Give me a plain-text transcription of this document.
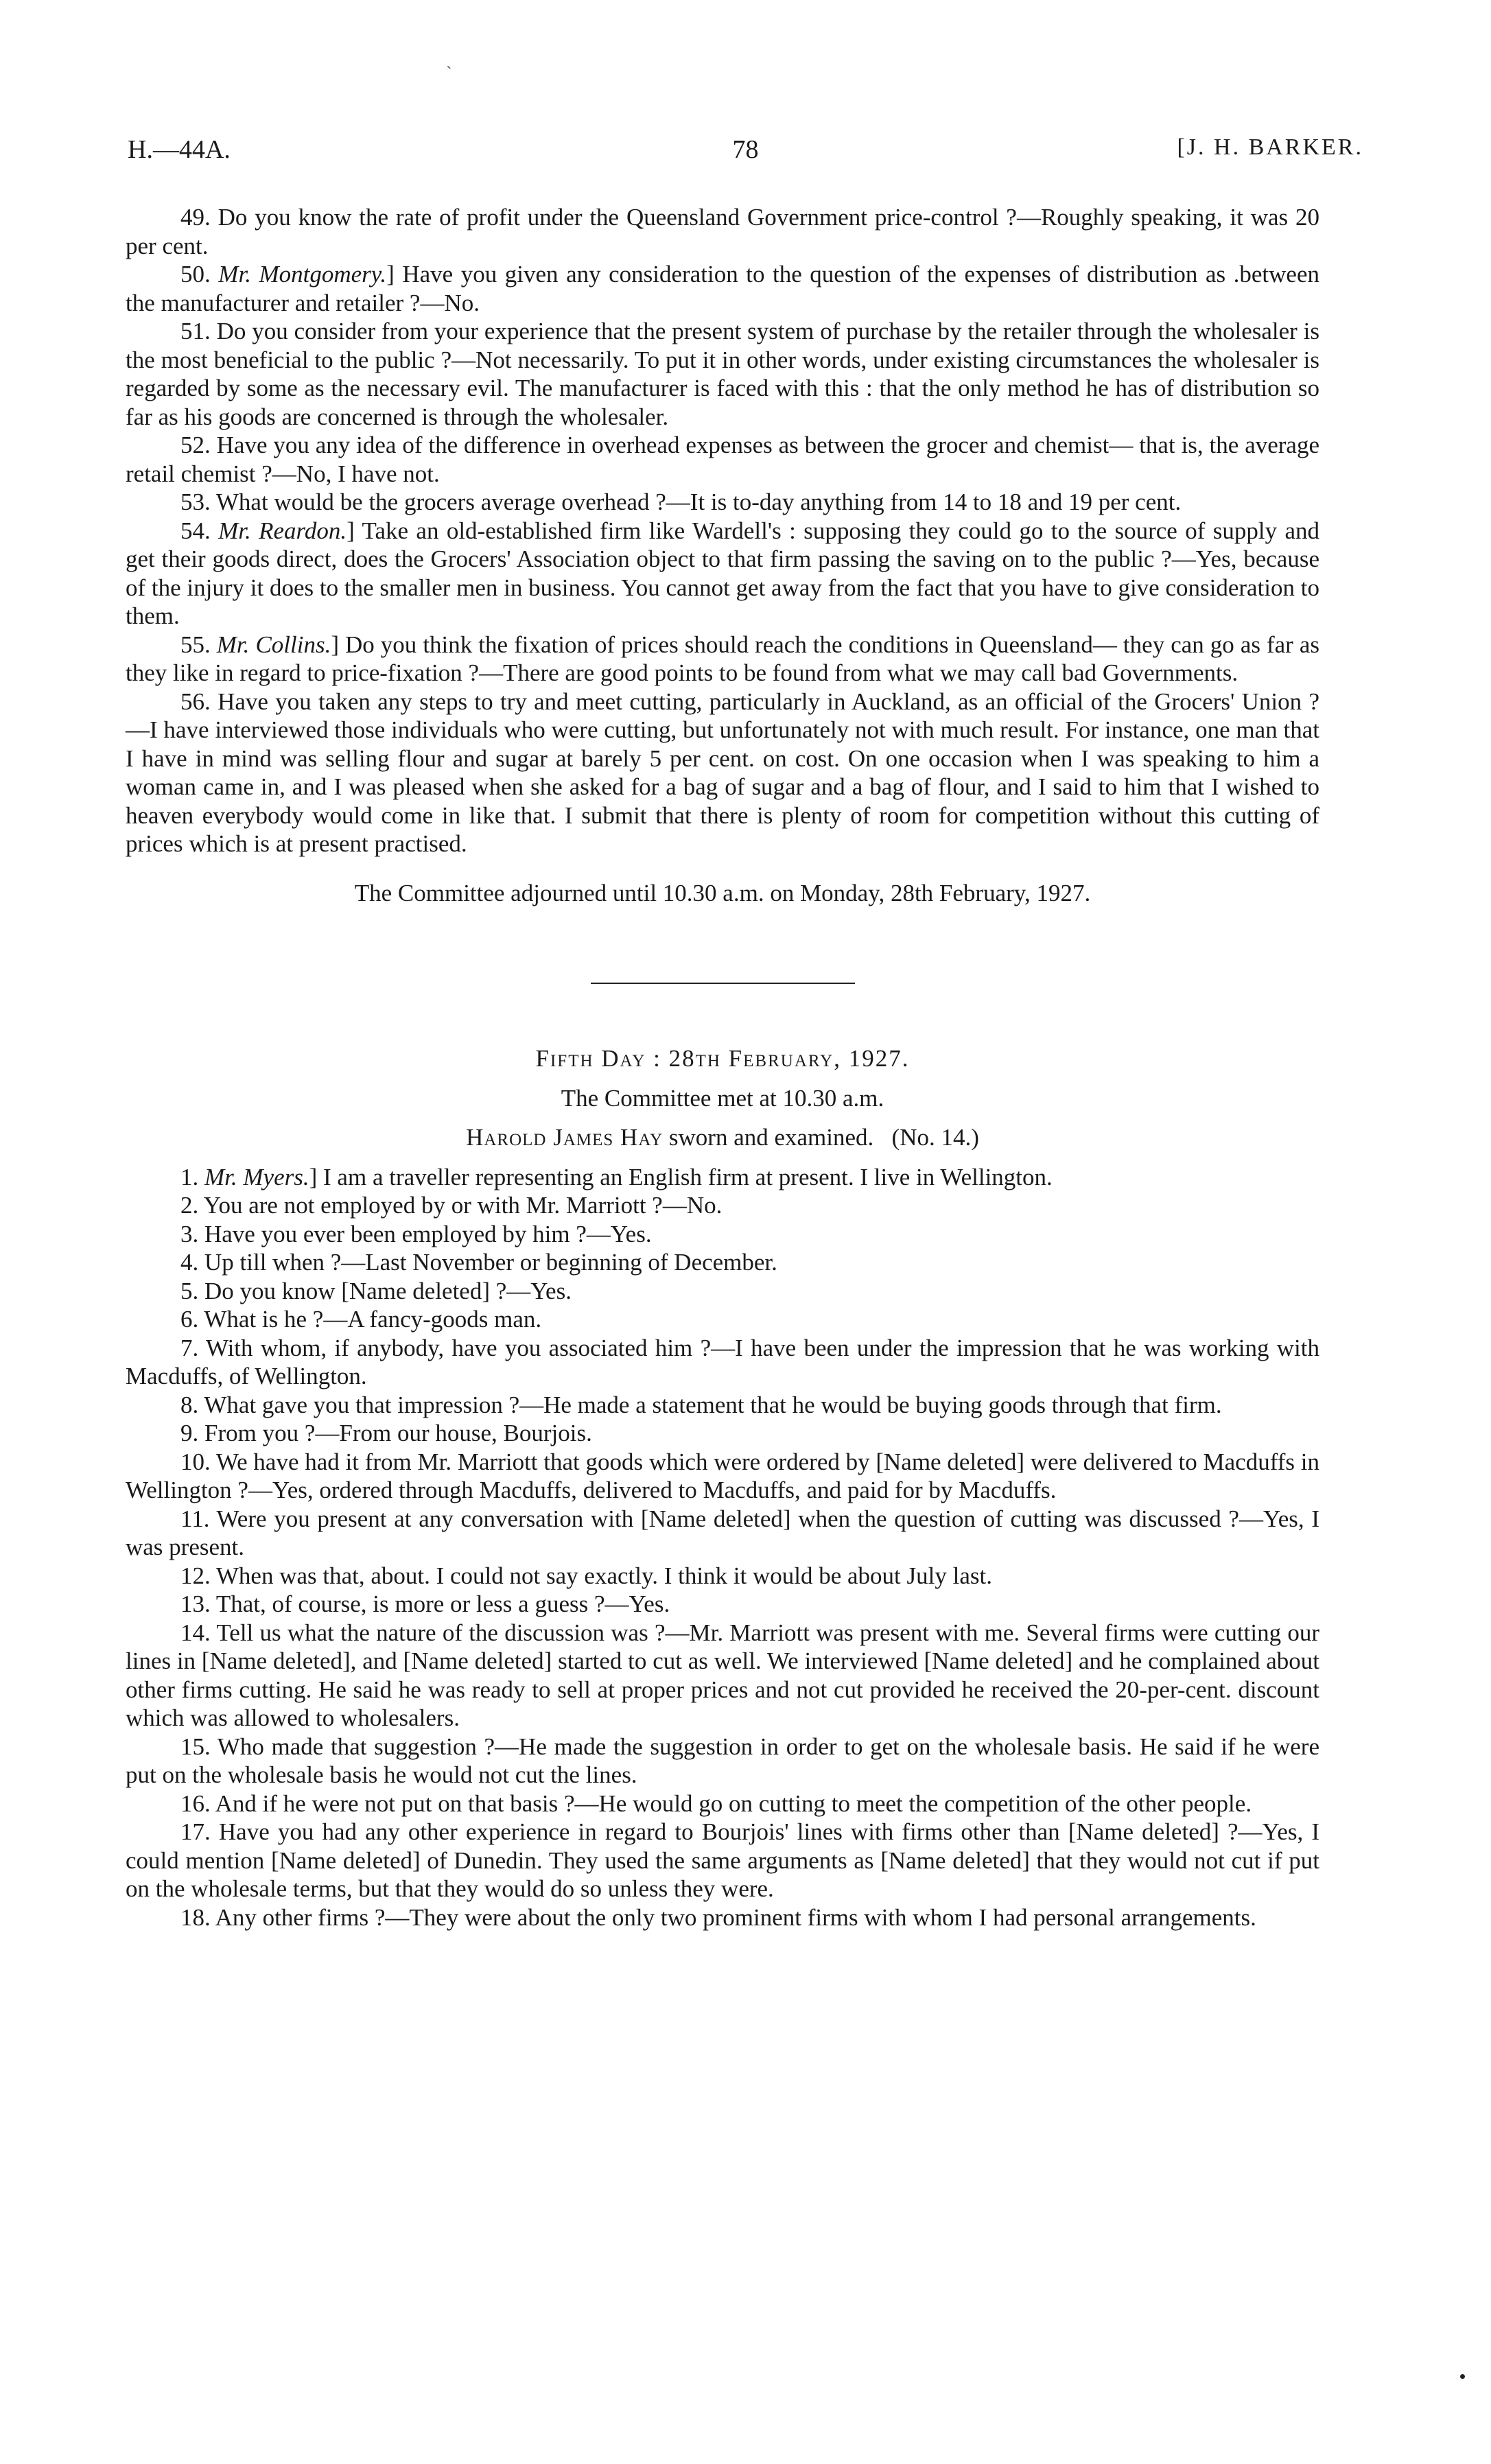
H.—44A.	78	[J. H. BARKER.
ˎ

49. Do you know the rate of profit under the Queensland Government price-control ?—Roughly speaking, it was 20 per cent.

50. Mr. Montgomery.] Have you given any consideration to the question of the expenses of distribution as .between the manufacturer and retailer ?—No.

51. Do you consider from your experience that the present system of purchase by the retailer through the wholesaler is the most beneficial to the public ?—Not necessarily. To put it in other words, under existing circumstances the wholesaler is regarded by some as the necessary evil. The manufacturer is faced with this : that the only method he has of distribution so far as his goods are concerned is through the wholesaler.

52. Have you any idea of the difference in overhead expenses as between the grocer and chemist— that is, the average retail chemist ?—No, I have not.

53. What would be the grocers average overhead ?—It is to-day anything from 14 to 18 and 19 per cent.

54. Mr. Reardon.] Take an old-established firm like Wardell's : supposing they could go to the source of supply and get their goods direct, does the Grocers' Association object to that firm passing the saving on to the public ?—Yes, because of the injury it does to the smaller men in business. You cannot get away from the fact that you have to give consideration to them.

55. Mr. Collins.] Do you think the fixation of prices should reach the conditions in Queensland— they can go as far as they like in regard to price-fixation ?—There are good points to be found from what we may call bad Governments.

56. Have you taken any steps to try and meet cutting, particularly in Auckland, as an official of the Grocers' Union ?—I have interviewed those individuals who were cutting, but unfortunately not with much result. For instance, one man that I have in mind was selling flour and sugar at barely 5 per cent. on cost. On one occasion when I was speaking to him a woman came in, and I was pleased when she asked for a bag of sugar and a bag of flour, and I said to him that I wished to heaven everybody would come in like that. I submit that there is plenty of room for competition without this cutting of prices which is at present practised.

The Committee adjourned until 10.30 a.m. on Monday, 28th February, 1927.

Fifth Day : 28th February, 1927.

The Committee met at 10.30 a.m.

Harold James Hay sworn and examined.   (No. 14.)

1. Mr. Myers.] I am a traveller representing an English firm at present. I live in Wellington.

2. You are not employed by or with Mr. Marriott ?—No.

3. Have you ever been employed by him ?—Yes.

4. Up till when ?—Last November or beginning of December.

5. Do you know [Name deleted] ?—Yes.

6. What is he ?—A fancy-goods man.

7. With whom, if anybody, have you associated him ?—I have been under the impression that he was working with Macduffs, of Wellington.

8. What gave you that impression ?—He made a statement that he would be buying goods through that firm.

9. From you ?—From our house, Bourjois.

10. We have had it from Mr. Marriott that goods which were ordered by [Name deleted] were delivered to Macduffs in Wellington ?—Yes, ordered through Macduffs, delivered to Macduffs, and paid for by Macduffs.

11. Were you present at any conversation with [Name deleted] when the question of cutting was discussed ?—Yes, I was present.

12. When was that, about. I could not say exactly. I think it would be about July last.

13. That, of course, is more or less a guess ?—Yes.

14. Tell us what the nature of the discussion was ?—Mr. Marriott was present with me. Several firms were cutting our lines in [Name deleted], and [Name deleted] started to cut as well. We interviewed [Name deleted] and he complained about other firms cutting. He said he was ready to sell at proper prices and not cut provided he received the 20-per-cent. discount which was allowed to wholesalers.

15. Who made that suggestion ?—He made the suggestion in order to get on the wholesale basis. He said if he were put on the wholesale basis he would not cut the lines.

16. And if he were not put on that basis ?—He would go on cutting to meet the competition of the other people.

17. Have you had any other experience in regard to Bourjois' lines with firms other than [Name deleted] ?—Yes, I could mention [Name deleted] of Dunedin. They used the same arguments as [Name deleted] that they would not cut if put on the wholesale terms, but that they would do so unless they were.

18. Any other firms ?—They were about the only two prominent firms with whom I had personal arrangements.
